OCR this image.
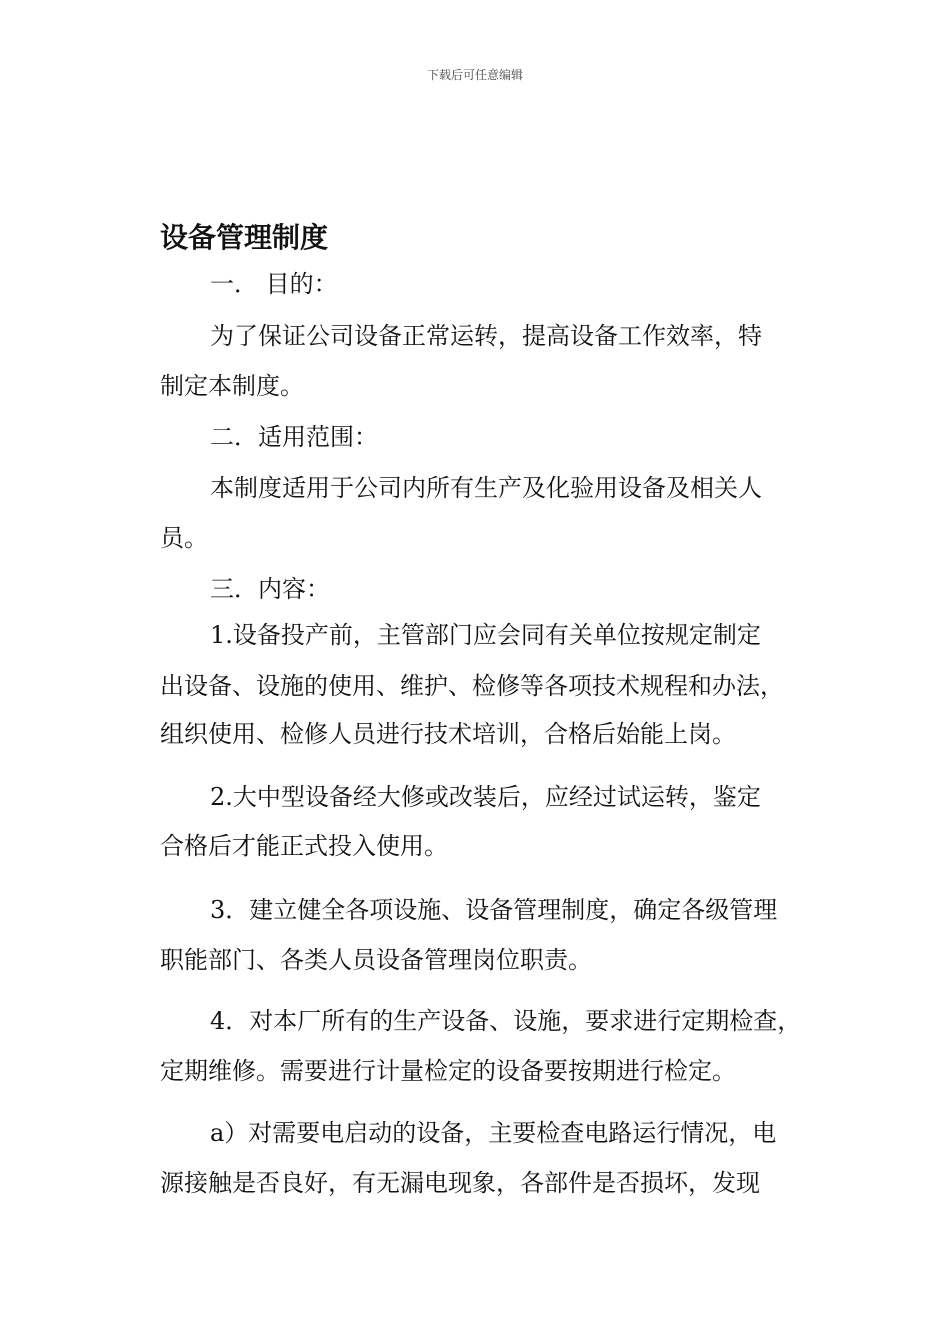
下载后可任意编辑
设备管理制度
一． 目的：
为了保证公司设备正常运转，提高设备工作效率，特
制定本制度。
二．适用范围：
本制度适用于公司内所有生产及化验用设备及相关人
员。
三．内容：
1.设备投产前，主管部门应会同有关单位按规定制定
出设备、设施的使用、维护、检修等各项技术规程和办法，
组织使用、检修人员进行技术培训，合格后始能上岗。
2.大中型设备经大修或改装后，应经过试运转，鉴定
合格后才能正式投入使用。
3．建立健全各项设施、设备管理制度，确定各级管理
职能部门、各类人员设备管理岗位职责。
4．对本厂所有的生产设备、设施，要求进行定期检查，
定期维修。需要进行计量检定的设备要按期进行检定。
a）对需要电启动的设备，主要检查电路运行情况，电
源接触是否良好，有无漏电现象，各部件是否损坏，发现
